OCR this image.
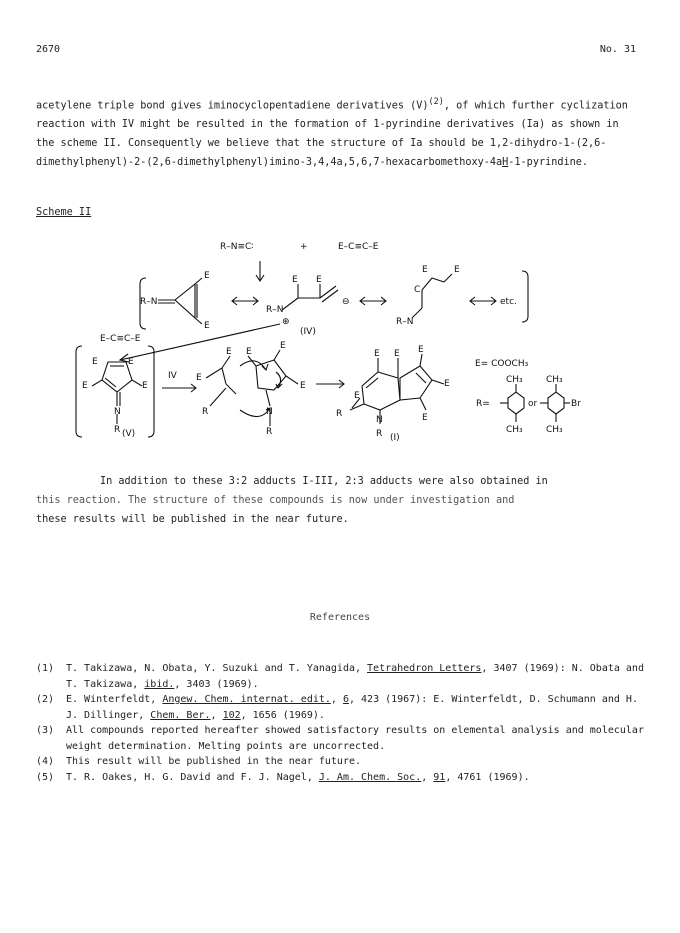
2670	No. 31
acetylene triple bond gives iminocyclopentadiene derivatives $(V)^{(2)}$, of which further cyclization reaction with IV might be resulted in the formation of 1-pyrindine derivatives (Ia) as shown in the scheme II. Consequently we believe that the structure of Ia should be 1,2-dihydro-1-(2,6-dimethylphenyl)-2-(2,6-dimethylphenyl)imino-3,4,4a,5,6,7-hexacarbomethoxy-4aH-1-pyrindine.
Scheme II
R–N≡C∶	+	E–C≡C–E
E–C≡C–E
etc.
(IV)
(V)	(I)
IV
E= COOCH₃
R=	or
CH₃
CH₃
CH₃
CH₃
Br
E
E
R–N
E E
⊖
R–N
⊕
E	E
C
R–N
E	E
E	E
N
R
E
E E
E
E
R	N
R
E E E
E
E
E
R
N
R
In addition to these 3:2 adducts I-III, 2:3 adducts were also obtained in
this reaction. The structure of these compounds is now under investigation and
these results will be published in the near future.
References
(1)	T. Takizawa, N. Obata, Y. Suzuki and T. Yanagida, Tetrahedron Letters, 3407 (1969): N. Obata and T. Takizawa, ibid., 3403 (1969).
(2)	E. Winterfeldt, Angew. Chem. internat. edit., 6, 423 (1967): E. Winterfeldt, D. Schumann and H. J. Dillinger, Chem. Ber., 102, 1656 (1969).
(3)	All compounds reported hereafter showed satisfactory results on elemental analysis and molecular weight determination. Melting points are uncorrected.
(4)	This result will be published in the near future.
(5)	T. R. Oakes, H. G. David and F. J. Nagel, J. Am. Chem. Soc., 91, 4761 (1969).
